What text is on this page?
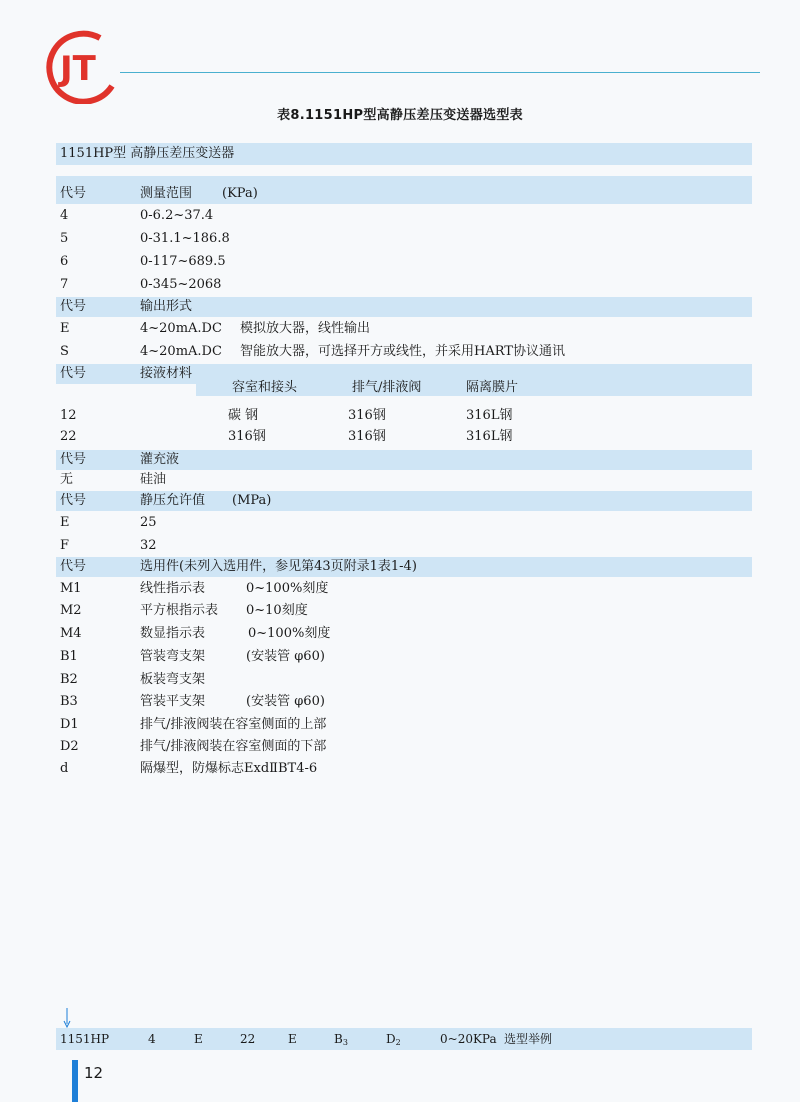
JT
表8.1151HP型高静压差压变送器选型表
1151HP型 高静压差压变送器
代号	测量范围 (KPa)
4	0-6.2~37.4
5	0-31.1~186.8
6	0-117~689.5
7	0-345~2068
代号	输出形式
E	4~20mA.DC 模拟放大器，线性输出
S	4~20mA.DC 智能放大器，可选择开方或线性，并采用HART协议通讯
代号	接液材料
容室和接头	排气/排液阀	隔离膜片
12	碳 钢	316钢	316L钢
22	316钢	316钢	316L钢
代号	灌充液
无	硅油
代号	静压允许值 (MPa)
E	25
F	32
代号	选用件(未列入选用件，参见第43页附录1表1-4)
M1	线性指示表	0~100%刻度
M2	平方根指示表 0~10刻度
M4	数显指示表	0~100%刻度
B1	管装弯支架	(安装管 φ60)
B2	板装弯支架
B3	管装平支架	(安装管 φ60)
D1	排气/排液阀装在容室侧面的上部
D2	排气/排液阀装在容室侧面的下部
d	隔爆型，防爆标志ExdⅡBT4-6
1151HP	4	E	22	E	$B_3$	$D_2$	0~20KPa 选型举例
12
